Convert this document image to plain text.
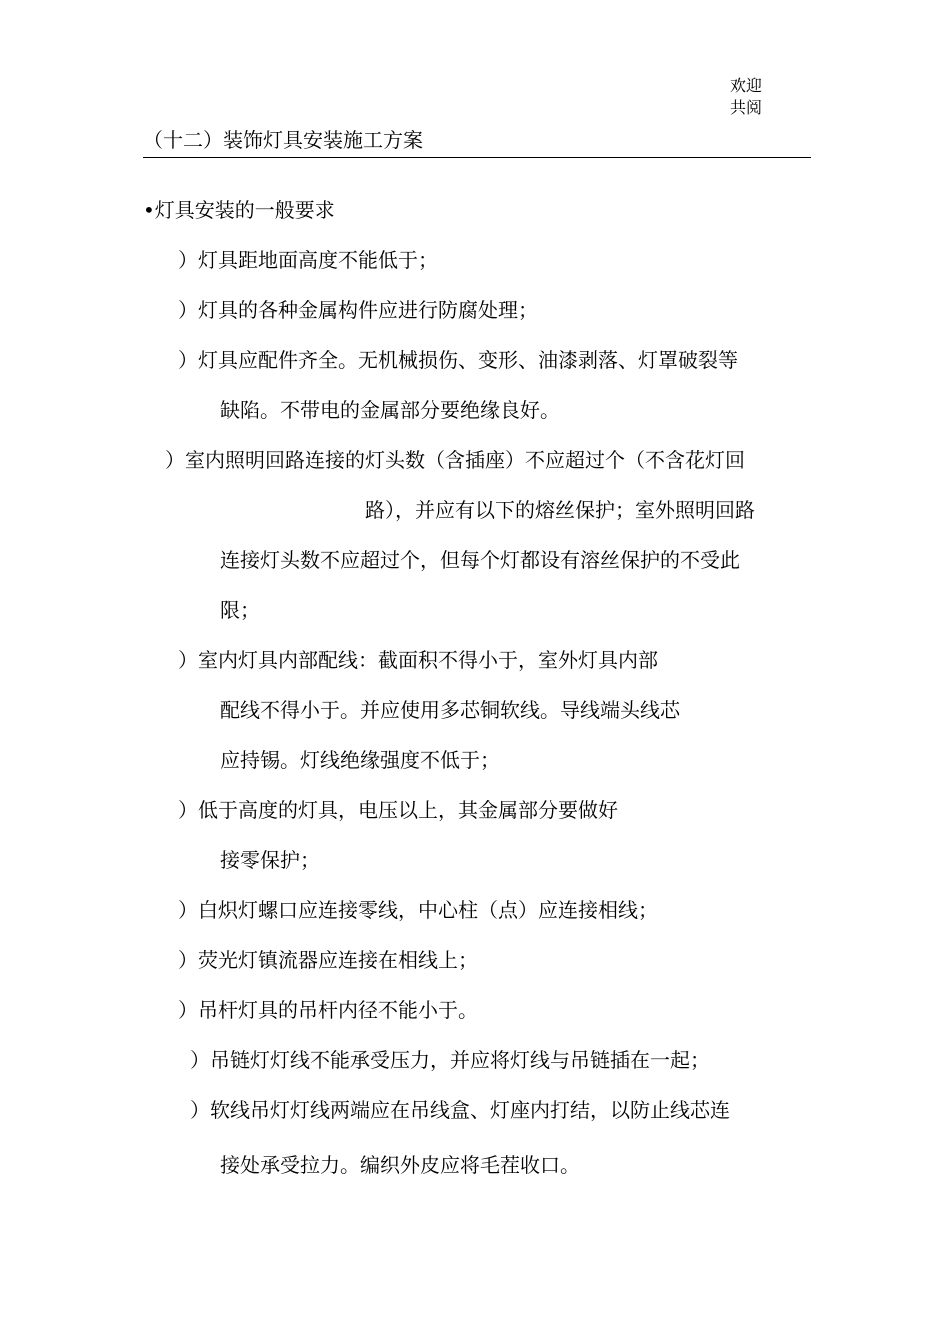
欢迎
共阅
（十二）装饰灯具安装施工方案
•灯具安装的一般要求
）灯具距地面高度不能低于；
）灯具的各种金属构件应进行防腐处理；
）灯具应配件齐全。无机械损伤、变形、油漆剥落、灯罩破裂等
缺陷。不带电的金属部分要绝缘良好。
）室内照明回路连接的灯头数（含插座）不应超过个（不含花灯回
路），并应有以下的熔丝保护；室外照明回路
连接灯头数不应超过个，但每个灯都设有溶丝保护的不受此
限；
）室内灯具内部配线：截面积不得小于，室外灯具内部
配线不得小于。并应使用多芯铜软线。导线端头线芯
应持锡。灯线绝缘强度不低于；
）低于高度的灯具，电压以上，其金属部分要做好
接零保护；
）白炽灯螺口应连接零线，中心柱（点）应连接相线；
）荧光灯镇流器应连接在相线上；
）吊杆灯具的吊杆内径不能小于。
）吊链灯灯线不能承受压力，并应将灯线与吊链插在一起；
）软线吊灯灯线两端应在吊线盒、灯座内打结，以防止线芯连
接处承受拉力。编织外皮应将毛茬收口。
